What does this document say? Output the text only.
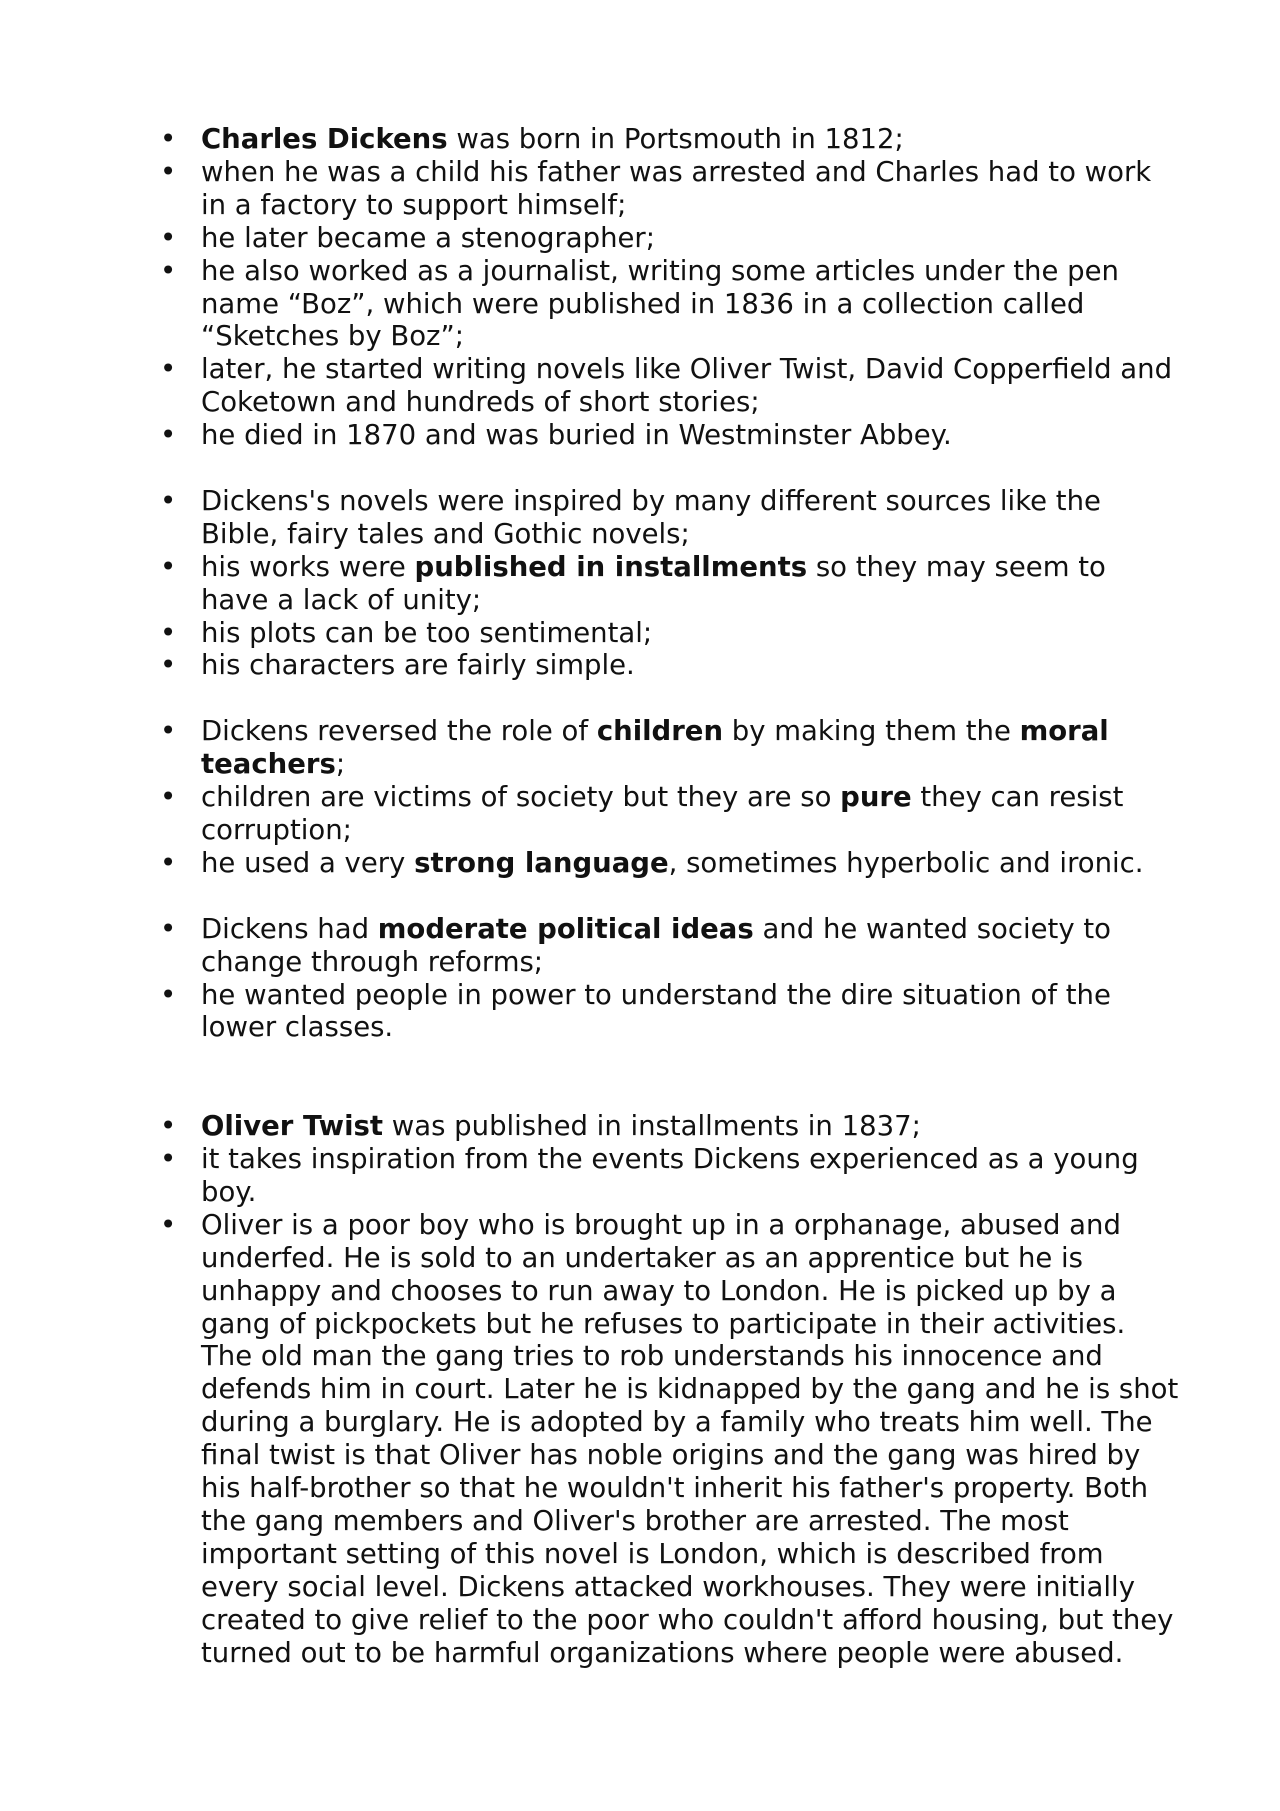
• Charles Dickens was born in Portsmouth in 1812;
• when he was a child his father was arrested and Charles had to work in a factory to support himself;
• he later became a stenographer;
• he also worked as a journalist, writing some articles under the pen name “Boz”, which were published in 1836 in a collection called “Sketches by Boz”;
• later, he started writing novels like Oliver Twist, David Copperfield and Coketown and hundreds of short stories;
• he died in 1870 and was buried in Westminster Abbey.
• Dickens's novels were inspired by many different sources like the Bible, fairy tales and Gothic novels;
• his works were published in installments so they may seem to have a lack of unity;
• his plots can be too sentimental;
• his characters are fairly simple.
• Dickens reversed the role of children by making them the moral teachers;
• children are victims of society but they are so pure they can resist corruption;
• he used a very strong language, sometimes hyperbolic and ironic.
• Dickens had moderate political ideas and he wanted society to change through reforms;
• he wanted people in power to understand the dire situation of the lower classes.
• Oliver Twist was published in installments in 1837;
• it takes inspiration from the events Dickens experienced as a young boy.
• Oliver is a poor boy who is brought up in a orphanage, abused and underfed. He is sold to an undertaker as an apprentice but he is unhappy and chooses to run away to London. He is picked up by a gang of pickpockets but he refuses to participate in their activities. The old man the gang tries to rob understands his innocence and defends him in court. Later he is kidnapped by the gang and he is shot during a burglary. He is adopted by a family who treats him well. The final twist is that Oliver has noble origins and the gang was hired by his half-brother so that he wouldn't inherit his father's property. Both the gang members and Oliver's brother are arrested. The most important setting of this novel is London, which is described from every social level. Dickens attacked workhouses. They were initially created to give relief to the poor who couldn't afford housing, but they turned out to be harmful organizations where people were abused.
